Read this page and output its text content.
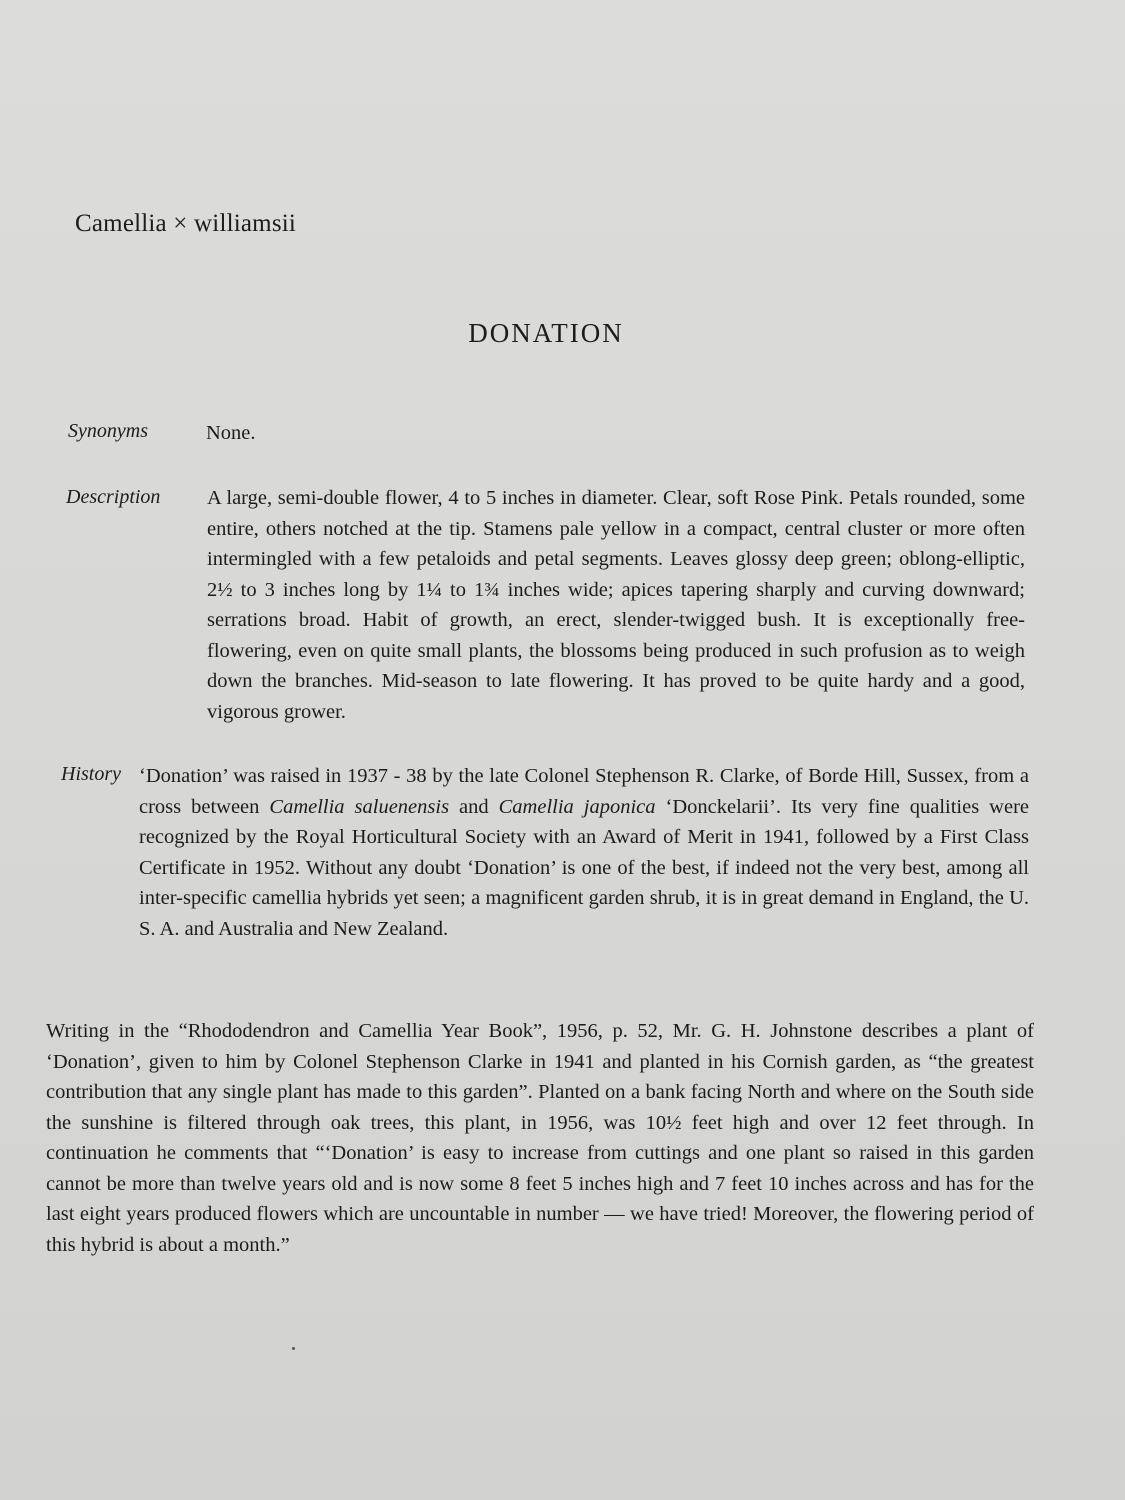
Camellia × williamsii
DONATION
Synonyms	None.

Description A large, semi-double flower, 4 to 5 inches in diameter. Clear, soft Rose Pink. Petals rounded, some entire, others notched at the tip. Stamens pale yellow in a compact, central cluster or more often intermingled with a few petaloids and petal segments. Leaves glossy deep green; oblong-elliptic, 2½ to 3 inches long by 1¼ to 1¾ inches wide; apices tapering sharply and curving downward; serrations broad. Habit of growth, an erect, slender-twigged bush. It is exceptionally free-flowering, even on quite small plants, the blossoms being produced in such profusion as to weigh down the branches. Mid-season to late flowering. It has proved to be quite hardy and a good, vigorous grower.

History ‘Donation’ was raised in 1937 - 38 by the late Colonel Stephenson R. Clarke, of Borde Hill, Sussex, from a cross between Camellia saluenensis and Camellia japonica ‘Donckelarii’. Its very fine qualities were recognized by the Royal Horticultural Society with an Award of Merit in 1941, followed by a First Class Certificate in 1952. Without any doubt ‘Donation’ is one of the best, if indeed not the very best, among all inter-specific camellia hybrids yet seen; a magnificent garden shrub, it is in great demand in England, the U. S. A. and Australia and New Zealand.

Writing in the “Rhododendron and Camellia Year Book”, 1956, p. 52, Mr. G. H. Johnstone describes a plant of ‘Donation’, given to him by Colonel Stephenson Clarke in 1941 and planted in his Cornish garden, as “the greatest contribution that any single plant has made to this garden”. Planted on a bank facing North and where on the South side the sunshine is filtered through oak trees, this plant, in 1956, was 10½ feet high and over 12 feet through. In continuation he comments that “‘Donation’ is easy to increase from cuttings and one plant so raised in this garden cannot be more than twelve years old and is now some 8 feet 5 inches high and 7 feet 10 inches across and has for the last eight years produced flowers which are uncountable in number — we have tried! Moreover, the flowering period of this hybrid is about a month.”
